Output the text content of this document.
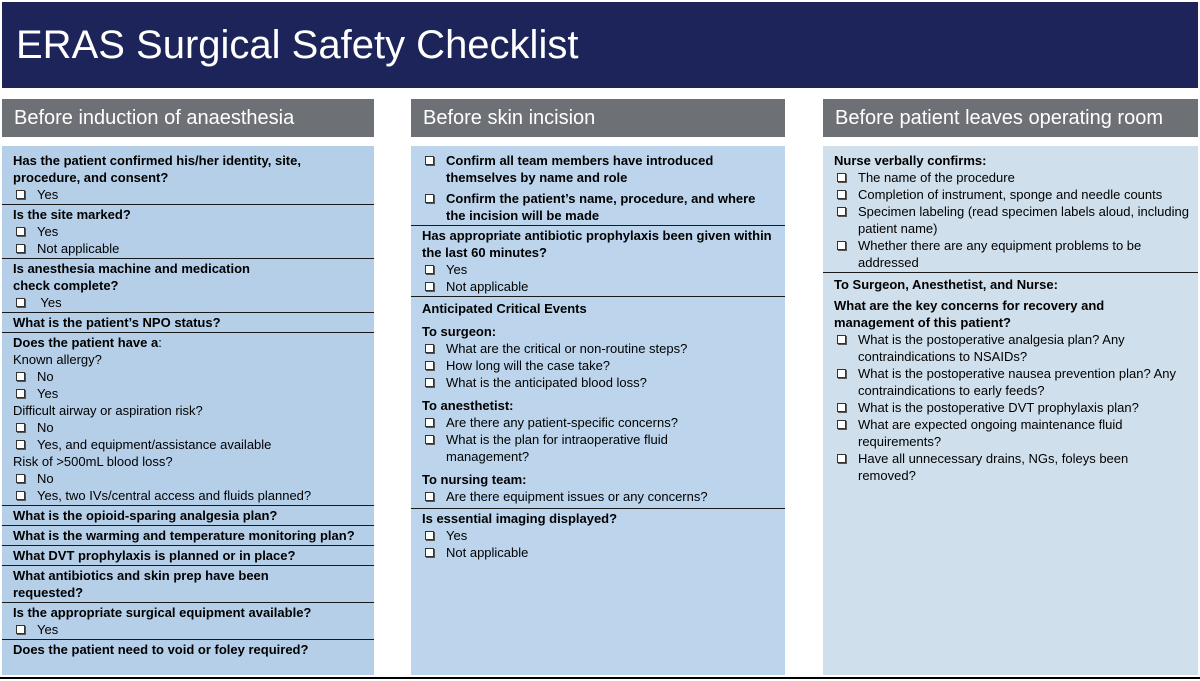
ERAS Surgical Safety Checklist
Before induction of anaesthesia
Has the patient confirmed his/her identity, site, procedure, and consent?
Yes
Is the site marked?
Yes
Not applicable
Is anesthesia machine and medication check complete?
Yes
What is the patient’s NPO status?
Does the patient have a:
Known allergy?
No
Yes
Difficult airway or aspiration risk?
No
Yes, and equipment/assistance available
Risk of >500mL blood loss?
No
Yes, two IVs/central access and fluids planned?
What is the opioid-sparing analgesia plan?
What is the warming and temperature monitoring plan?
What DVT prophylaxis is planned or in place?
What antibiotics and skin prep have been requested?
Is the appropriate surgical equipment available?
Yes
Does the patient need to void or foley required?
Before skin incision
Confirm all team members have introduced themselves by name and role
Confirm the patient’s name, procedure, and where the incision will be made
Has appropriate antibiotic prophylaxis been given within the last 60 minutes?
Yes
Not applicable
Anticipated Critical Events
To surgeon:
What are the critical or non-routine steps?
How long will the case take?
What is the anticipated blood loss?
To anesthetist:
Are there any patient-specific concerns?
What is the plan for intraoperative fluid management?
To nursing team:
Are there equipment issues or any concerns?
Is essential imaging displayed?
Yes
Not applicable
Before patient leaves operating room
Nurse verbally confirms:
The name of the procedure
Completion of instrument, sponge and needle counts
Specimen labeling (read specimen labels aloud, including patient name)
Whether there are any equipment problems to be addressed
To Surgeon, Anesthetist, and Nurse:
What are the key concerns for recovery and management of this patient?
What is the postoperative analgesia plan? Any contraindications to NSAIDs?
What is the postoperative nausea prevention plan? Any contraindications to early feeds?
What is the postoperative DVT prophylaxis plan?
What are expected ongoing maintenance fluid requirements?
Have all unnecessary drains, NGs, foleys been removed?
